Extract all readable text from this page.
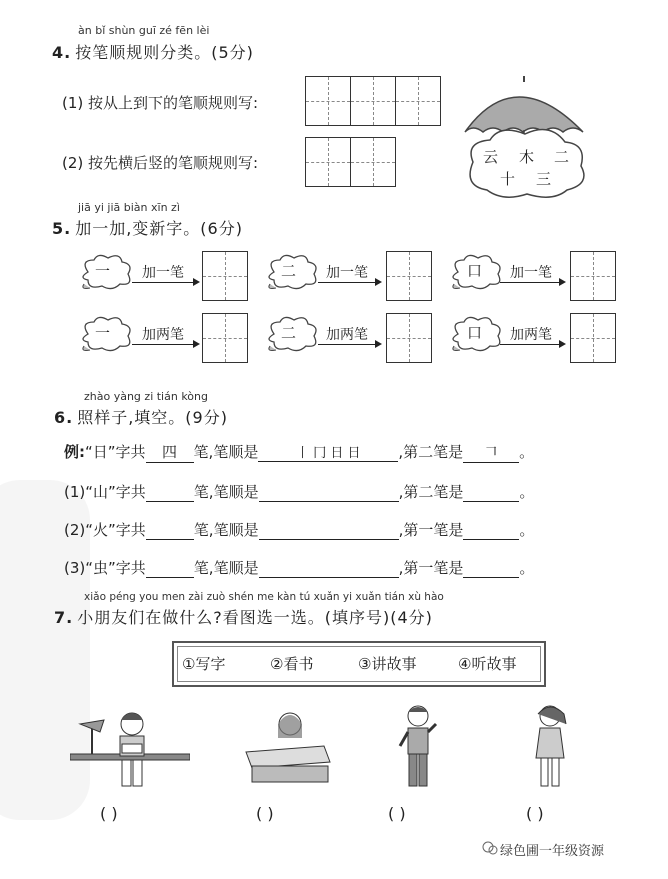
àn bǐ shùn guī zé fēn lèi
4. 按笔顺规则分类。(5分)
(1) 按从上到下的笔顺规则写:
(2) 按先横后竖的笔顺规则写:	云 木 二
十 三
jiā yi jiā biàn xīn zì
5. 加一加,变新字。(6分)
一 加一笔	二 加一笔	口 加一笔
一 加两笔	二 加两笔	口 加两笔
zhào yàng zi tián kòng
6. 照样子,填空。(9分)
例:“日”字共 四 笔,笔顺是	丨 冂 日 日	,第二笔是 𠃍 。
(1)“山”字共	笔,笔顺是	,第二笔是	。
(2)“火”字共	笔,笔顺是	,第一笔是	。
(3)“虫”字共	笔,笔顺是	,第一笔是	。
xiǎo péng you men zài zuò shén me kàn tú xuǎn yi xuǎn tián xù hào
7. 小朋友们在做什么?看图选一选。(填序号)(4分)
①写字	②看书	③讲故事	④听故事
( )	( )	( )	( )
绿色圃一年级资源
